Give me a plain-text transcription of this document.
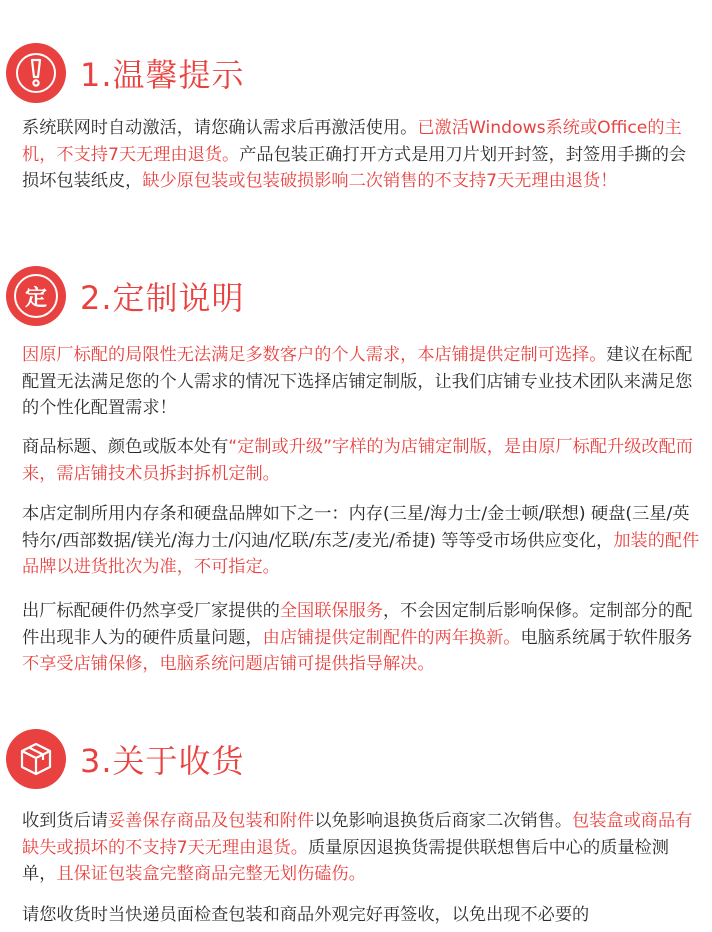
1.温馨提示

系统联网时自动激活，请您确认需求后再激活使用。已激活Windows系统或Office的主机，不支持7天无理由退货。产品包装正确打开方式是用刀片划开封签，封签用手撕的会损坏包装纸皮，缺少原包装或包装破损影响二次销售的不支持7天无理由退货！

定	2.定制说明

因原厂标配的局限性无法满足多数客户的个人需求，本店铺提供定制可选择。建议在标配配置无法满足您的个人需求的情况下选择店铺定制版，让我们店铺专业技术团队来满足您的个性化配置需求！

商品标题、颜色或版本处有“定制或升级”字样的为店铺定制版，是由原厂标配升级改配而来，需店铺技术员拆封拆机定制。

本店定制所用内存条和硬盘品牌如下之一：内存(三星/海力士/金士顿/联想) 硬盘(三星/英特尔/西部数据/镁光/海力士/闪迪/忆联/东芝/麦光/希捷) 等等受市场供应变化，加装的配件品牌以进货批次为准，不可指定。

出厂标配硬件仍然享受厂家提供的全国联保服务，不会因定制后影响保修。定制部分的配件出现非人为的硬件质量问题，由店铺提供定制配件的两年换新。电脑系统属于软件服务不享受店铺保修，电脑系统问题店铺可提供指导解决。

3.关于收货

收到货后请妥善保存商品及包装和附件以免影响退换货后商家二次销售。包装盒或商品有缺失或损坏的不支持7天无理由退货。质量原因退换货需提供联想售后中心的质量检测单，且保证包装盒完整商品完整无划伤磕伤。

请您收货时当快递员面检查包装和商品外观完好再签收，以免出现不必要的
